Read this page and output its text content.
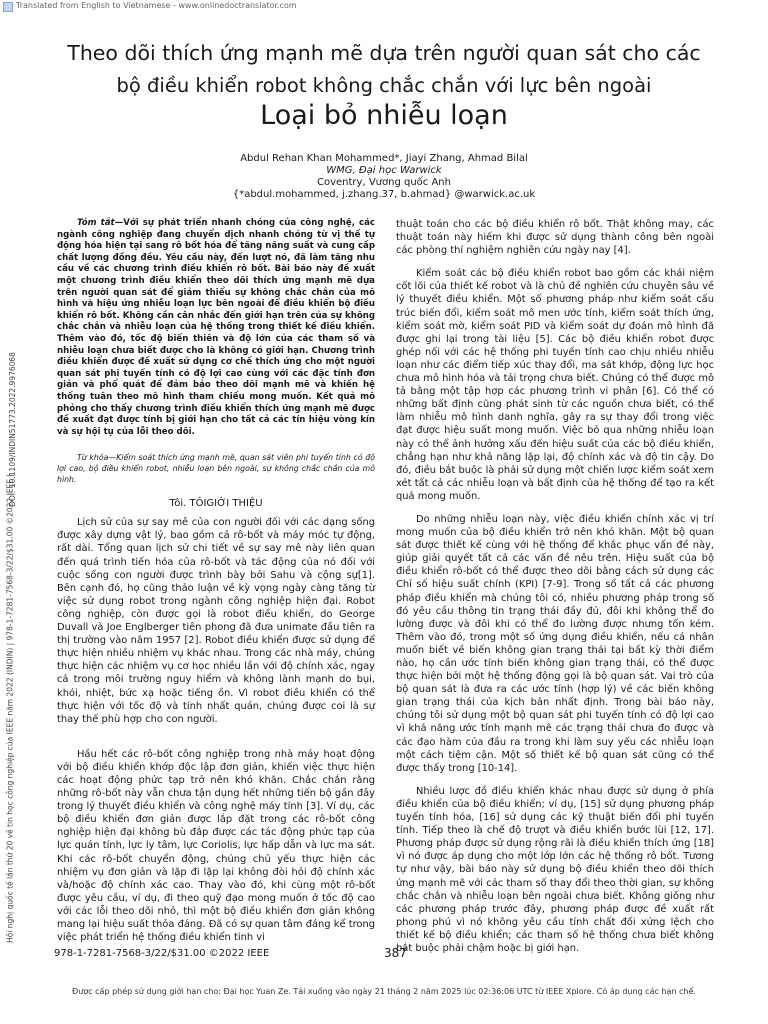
Translated from English to Vietnamese - www.onlinedoctranslator.com
Theo dõi thích ứng mạnh mẽ dựa trên người quan sát cho các
bộ điều khiển robot không chắc chắn với lực bên ngoài
Loại bỏ nhiễu loạn
Abdul Rehan Khan Mohammed*, Jiayi Zhang, Ahmad Bilal
WMG, Đại học Warwick
Coventry, Vương quốc Anh
{*abdul.mohammed, j.zhang.37, b.ahmad} @warwick.ac.uk
DOI: 10.1109/INDIN51773.2022.9976068
Hội nghị quốc tế lần thứ 20 về tin học công nghiệp của IEEE năm 2022 (INDIN) | 978-1-7281-7568-3/22/$31.00 ©2022 IEEE |

Tóm tắt—Với sự phát triển nhanh chóng của công nghệ, các ngành công nghiệp đang chuyển dịch nhanh chóng từ vị thế tự động hóa hiện tại sang rô bốt hóa để tăng năng suất và cung cấp chất lượng đồng đều. Yêu cầu này, đến lượt nó, đã làm tăng nhu cầu về các chương trình điều khiển rô bốt. Bài báo này đề xuất một chương trình điều khiển theo dõi thích ứng mạnh mẽ dựa trên người quan sát để giảm thiểu sự không chắc chắn của mô hình và hiệu ứng nhiễu loạn lực bên ngoài để điều khiển bộ điều khiển rô bốt. Không cần cân nhắc đến giới hạn trên của sự không chắc chắn và nhiễu loạn của hệ thống trong thiết kế điều khiển. Thêm vào đó, tốc độ biến thiên và độ lớn của các tham số và nhiễu loạn chưa biết được cho là không có giới hạn. Chương trình điều khiển được đề xuất sử dụng cơ chế thích ứng cho một người quan sát phi tuyến tính có độ lợi cao cùng với các đặc tính đơn giản và phổ quát để đảm bảo theo dõi mạnh mẽ và khiến hệ thống tuân theo mô hình tham chiếu mong muốn. Kết quả mô phỏng cho thấy chương trình điều khiển thích ứng mạnh mẽ được đề xuất đạt được tính bị giới hạn cho tất cả các tín hiệu vòng kín và sự hội tụ của lỗi theo dõi.

Từ khóa—Kiểm soát thích ứng mạnh mẽ, quan sát viên phi tuyến tính có độ lợi cao, bộ điều khiển robot, nhiễu loạn bên ngoài, sự không chắc chắn của mô hình.

Tôi. TÔIGIỚI THIỆU

Lịch sử của sự say mê của con người đối với các dạng sống được xây dựng vật lý, bao gồm cả rô-bốt và máy móc tự động, rất dài. Tổng quan lịch sử chi tiết về sự say mê này liên quan đến quá trình tiến hóa của rô-bốt và tác động của nó đối với cuộc sống con người được trình bày bởi Sahu và cộng sự[1]. Bên cạnh đó, họ cũng thảo luận về kỳ vọng ngày càng tăng từ việc sử dụng robot trong ngành công nghiệp hiện đại. Robot công nghiệp, còn được gọi là robot điều khiển, do George Duvall và Joe Englberger tiên phong đã đưa unimate đầu tiên ra thị trường vào năm 1957 [2]. Robot điều khiển được sử dụng để thực hiện nhiều nhiệm vụ khác nhau. Trong các nhà máy, chúng thực hiện các nhiệm vụ cơ học nhiều lần với độ chính xác, ngay cả trong môi trường nguy hiểm và không lành mạnh do bụi, khói, nhiệt, bức xạ hoặc tiếng ồn. Vì robot điều khiển có thể thực hiện với tốc độ và tính nhất quán, chúng được coi là sự thay thế phù hợp cho con người.

Hầu hết các rô-bốt công nghiệp trong nhà máy hoạt động với bộ điều khiển khớp độc lập đơn giản, khiến việc thực hiện các hoạt động phức tạp trở nên khó khăn. Chắc chắn rằng những rô-bốt này vẫn chưa tận dụng hết những tiến bộ gần đây trong lý thuyết điều khiển và công nghệ máy tính [3]. Ví dụ, các bộ điều khiển đơn giản được lắp đặt trong các rô-bốt công nghiệp hiện đại không bù đắp được các tác động phức tạp của lực quán tính, lực ly tâm, lực Coriolis, lực hấp dẫn và lực ma sát. Khi các rô-bốt chuyển động, chúng chủ yếu thực hiện các nhiệm vụ đơn giản và lặp đi lặp lại không đòi hỏi độ chính xác và/hoặc độ chính xác cao. Thay vào đó, khi cùng một rô-bốt được yêu cầu, ví dụ, đi theo quỹ đạo mong muốn ở tốc độ cao với các lỗi theo dõi nhỏ, thì một bộ điều khiển đơn giản không mang lại hiệu suất thỏa đáng. Đã có sự quan tâm đáng kể trong việc phát triển hệ thống điều khiển tinh vi

thuật toán cho các bộ điều khiển rô bốt. Thật không may, các thuật toán này hiếm khi được sử dụng thành công bên ngoài các phòng thí nghiệm nghiên cứu ngày nay [4].

Kiểm soát các bộ điều khiển robot bao gồm các khái niệm cốt lõi của thiết kế robot và là chủ đề nghiên cứu chuyên sâu về lý thuyết điều khiển. Một số phương pháp như kiểm soát cấu trúc biến đổi, kiểm soát mô men ước tính, kiểm soát thích ứng, kiểm soát mờ, kiểm soát PID và kiểm soát dự đoán mô hình đã được ghi lại trong tài liệu [5]. Các bộ điều khiển robot được ghép nối với các hệ thống phi tuyến tính cao chịu nhiều nhiễu loạn như các điểm tiếp xúc thay đổi, ma sát khớp, động lực học chưa mô hình hóa và tải trọng chưa biết. Chúng có thể được mô tả bằng một tập hợp các phương trình vi phân [6]. Có thể có những bất định cũng phát sinh từ các nguồn chưa biết, có thể làm nhiễu mô hình danh nghĩa, gây ra sự thay đổi trong việc đạt được hiệu suất mong muốn. Việc bỏ qua những nhiễu loạn này có thể ảnh hưởng xấu đến hiệu suất của các bộ điều khiển, chẳng hạn như khả năng lặp lại, độ chính xác và độ tin cậy. Do đó, điều bắt buộc là phải sử dụng một chiến lược kiểm soát xem xét tất cả các nhiễu loạn và bất định của hệ thống để tạo ra kết quả mong muốn.

Do những nhiễu loạn này, việc điều khiển chính xác vị trí mong muốn của bộ điều khiển trở nên khó khăn. Một bộ quan sát được thiết kế cùng với hệ thống để khắc phục vấn đề này, giúp giải quyết tất cả các vấn đề nêu trên. Hiệu suất của bộ điều khiển rô-bốt có thể được theo dõi bằng cách sử dụng các Chỉ số hiệu suất chính (KPI) [7-9]. Trong số tất cả các phương pháp điều khiển mà chúng tôi có, nhiều phương pháp trong số đó yêu cầu thông tin trạng thái đầy đủ, đôi khi không thể đo lường được và đôi khi có thể đo lường được nhưng tốn kém. Thêm vào đó, trong một số ứng dụng điều khiển, nếu cá nhân muốn biết về biến không gian trạng thái tại bất kỳ thời điểm nào, họ cần ước tính biến không gian trạng thái, có thể được thực hiện bởi một hệ thống động gọi là bộ quan sát. Vai trò của bộ quan sát là đưa ra các ước tính (hợp lý) về các biến không gian trạng thái của kịch bản nhất định. Trong bài báo này, chúng tôi sử dụng một bộ quan sát phi tuyến tính có độ lợi cao vì khả năng ước tính mạnh mẽ các trạng thái chưa đo được và các đạo hàm của đầu ra trong khi làm suy yếu các nhiễu loạn một cách tiệm cận. Một số thiết kế bộ quan sát cũng có thể được thấy trong [10-14].

Nhiều lược đồ điều khiển khác nhau được sử dụng ở phía điều khiển của bộ điều khiển; ví dụ, [15] sử dụng phương pháp tuyến tính hóa, [16] sử dụng các kỹ thuật biến đổi phi tuyến tính. Tiếp theo là chế độ trượt và điều khiển bước lùi [12, 17]. Phương pháp được sử dụng rộng rãi là điều khiển thích ứng [18] vì nó được áp dụng cho một lớp lớn các hệ thống rô bốt. Tương tự như vậy, bài báo này sử dụng bộ điều khiển theo dõi thích ứng mạnh mẽ với các tham số thay đổi theo thời gian, sự không chắc chắn và nhiễu loạn bên ngoài chưa biết. Không giống như các phương pháp trước đây, phương pháp được đề xuất rất phong phú vì nó không yêu cầu tính chất đối xứng lệch cho thiết kế bộ điều khiển; các tham số hệ thống chưa biết không bắt buộc phải chậm hoặc bị giới hạn.

978-1-7281-7568-3/22/$31.00 ©2022 IEEE	387
Được cấp phép sử dụng giới hạn cho: Đại học Yuan Ze. Tải xuống vào ngày 21 tháng 2 năm 2025 lúc 02:36:06 UTC từ IEEE Xplore. Có áp dụng các hạn chế.
